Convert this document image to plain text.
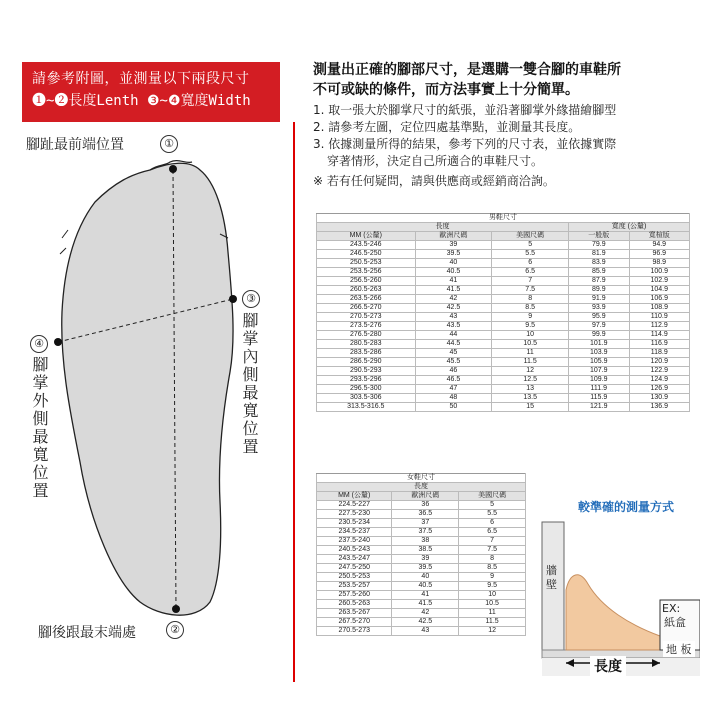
請參考附圖，並測量以下兩段尺寸
❶~❷長度Lenth ❸~❹寬度Width
腳趾最前端位置	①
腳後跟最末端處	②
③
腳掌內側最寬位置
④
腳掌外側最寬位置
測量出正確的腳部尺寸，是選購一雙合腳的車鞋所
不可或缺的條件，而方法事實上十分簡單。
1. 取一張大於腳掌尺寸的紙張，並沿著腳掌外緣描繪腳型
2. 請參考左圖，定位四處基準點，並測量其長度。
3. 依據測量所得的結果，參考下列的尺寸表，並依據實際
穿著情形，決定自己所適合的車鞋尺寸。
※ 若有任何疑問，請與供應商或經銷商洽詢。
男鞋尺寸				
長度			寬度 (公釐)	
MM (公釐)	歐洲尺碼	美國尺碼	一般版	寬楦版
243.5-246	39	5	79.9	94.9
246.5-250	39.5	5.5	81.9	96.9
250.5-253	40	6	83.9	98.9
253.5-256	40.5	6.5	85.9	100.9
256.5-260	41	7	87.9	102.9
260.5-263	41.5	7.5	89.9	104.9
263.5-266	42	8	91.9	106.9
266.5-270	42.5	8.5	93.9	108.9
270.5-273	43	9	95.9	110.9
273.5-276	43.5	9.5	97.9	112.9
276.5-280	44	10	99.9	114.9
280.5-283	44.5	10.5	101.9	116.9
283.5-286	45	11	103.9	118.9
286.5-290	45.5	11.5	105.9	120.9
290.5-293	46	12	107.9	122.9
293.5-296	46.5	12.5	109.9	124.9
296.5-300	47	13	111.9	126.9
303.5-306	48	13.5	115.9	130.9
313.5-316.5	50	15	121.9	136.9
女鞋尺寸		
長度		
MM (公釐)	歐洲尺碼	美國尺碼
224.5-227	36	5
227.5-230	36.5	5.5
230.5-234	37	6
234.5-237	37.5	6.5
237.5-240	38	7
240.5-243	38.5	7.5
243.5-247	39	8
247.5-250	39.5	8.5
250.5-253	40	9
253.5-257	40.5	9.5
257.5-260	41	10
260.5-263	41.5	10.5
263.5-267	42	11
267.5-270	42.5	11.5
270.5-273	43	12
較準確的測量方式
牆壁
EX:
紙盒
長度
地 板
